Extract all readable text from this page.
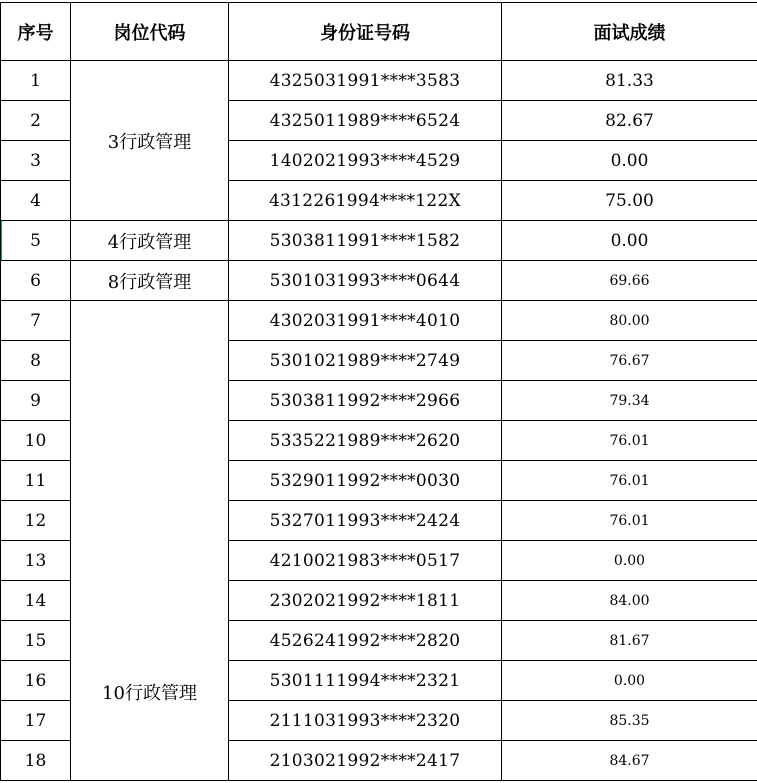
序号	岗位代码	身份证号码	面试成绩
1	3行政管理	4325031991****3583	81.33
2		4325011989****6524	82.67
3		1402021993****4529	0.00
4		4312261994****122X	75.00
5	4行政管理	5303811991****1582	0.00
6	8行政管理	5301031993****0644	69.66
7	10行政管理	4302031991****4010	80.00
8		5301021989****2749	76.67
9		5303811992****2966	79.34
10		5335221989****2620	76.01
11		5329011992****0030	76.01
12		5327011993****2424	76.01
13		4210021983****0517	0.00
14		2302021992****1811	84.00
15		4526241992****2820	81.67
16		5301111994****2321	0.00
17		2111031993****2320	85.35
18		2103021992****2417	84.67
